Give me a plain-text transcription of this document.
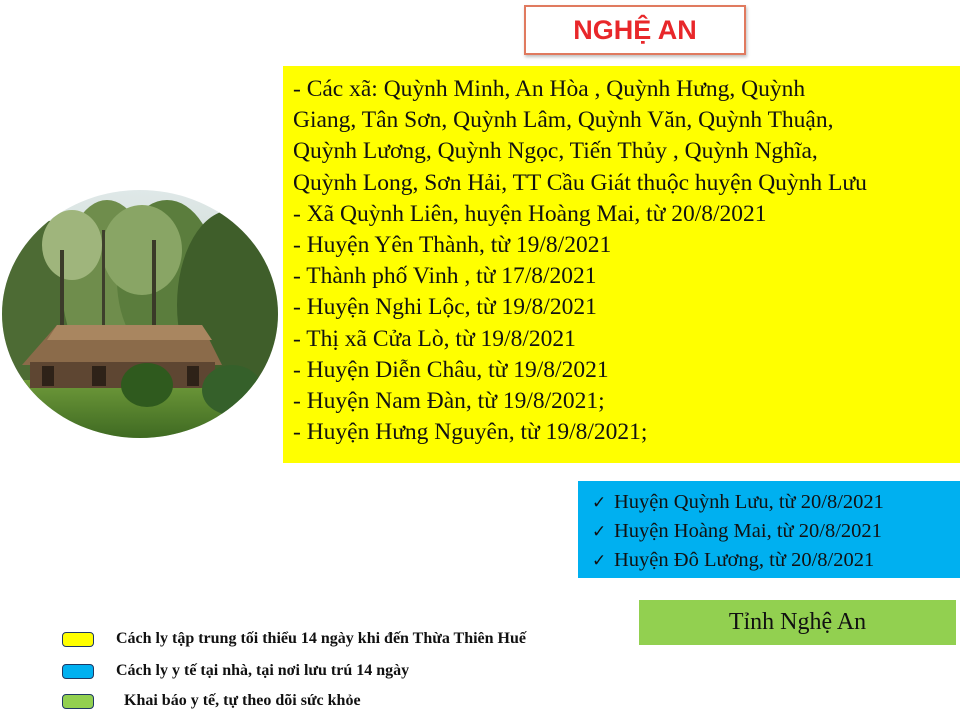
NGHỆ AN
- Các xã: Quỳnh Minh, An Hòa , Quỳnh Hưng, Quỳnh
Giang, Tân Sơn, Quỳnh Lâm, Quỳnh Văn, Quỳnh Thuận,
Quỳnh Lương, Quỳnh Ngọc, Tiến Thủy , Quỳnh Nghĩa,
Quỳnh Long, Sơn Hải, TT Cầu Giát thuộc huyện Quỳnh Lưu
- Xã Quỳnh Liên, huyện Hoàng Mai, từ 20/8/2021
- Huyện Yên Thành, từ 19/8/2021
- Thành phố Vinh , từ 17/8/2021
- Huyện Nghi Lộc, từ 19/8/2021
- Thị xã Cửa Lò, từ 19/8/2021
- Huyện Diễn Châu, từ 19/8/2021
- Huyện Nam Đàn, từ 19/8/2021;
- Huyện Hưng Nguyên, từ 19/8/2021;
✓ Huyện Quỳnh Lưu, từ 20/8/2021
✓ Huyện Hoàng Mai, từ 20/8/2021
✓ Huyện Đô Lương, từ 20/8/2021
Tỉnh Nghệ An
Cách ly tập trung tối thiểu 14 ngày khi đến Thừa Thiên Huế
Cách ly y tế tại nhà, tại nơi lưu trú 14 ngày
Khai báo y tế, tự theo dõi sức khỏe
